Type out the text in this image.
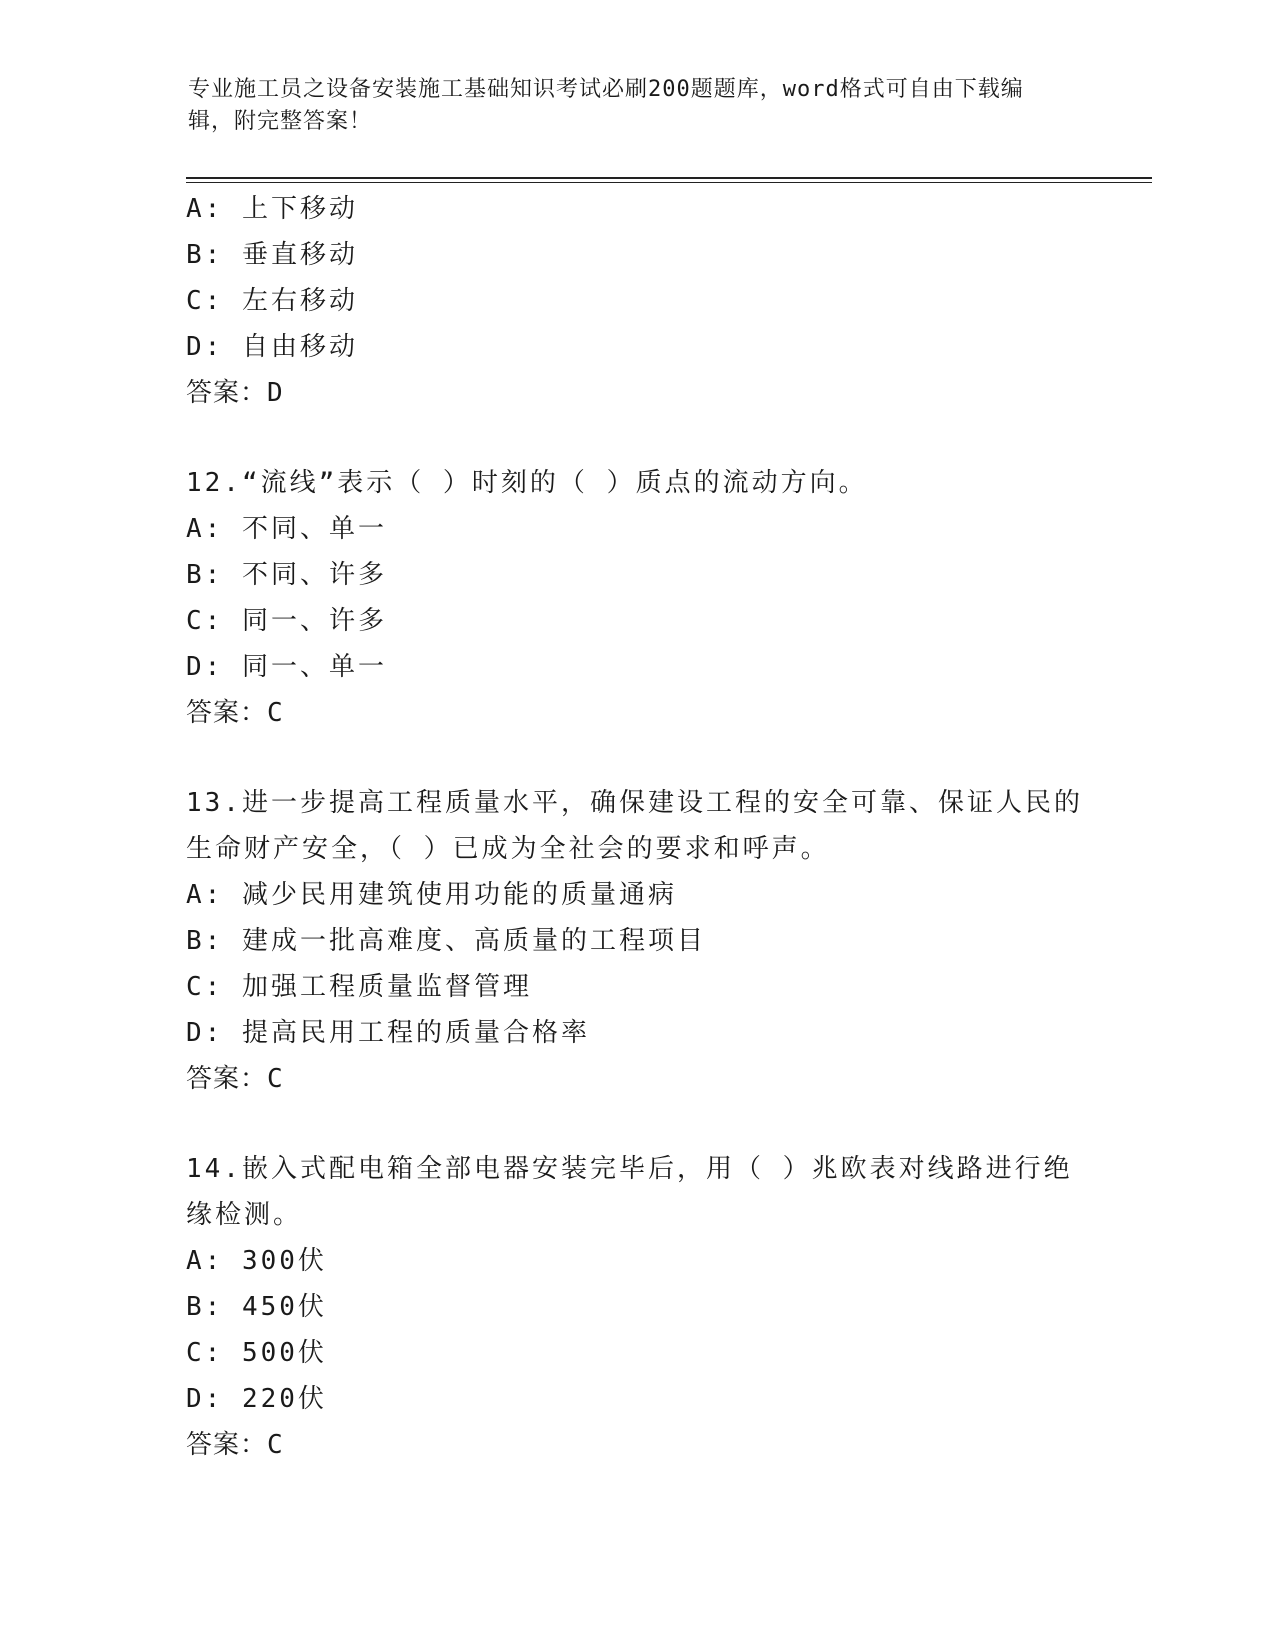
专业施工员之设备安装施工基础知识考试必刷200题题库，word格式可自由下载编辑，附完整答案！
A: 上下移动
B: 垂直移动
C: 左右移动
D: 自由移动
答案：D
12.“流线”表示（ ）时刻的（ ）质点的流动方向。
A: 不同、单一
B: 不同、许多
C: 同一、许多
D: 同一、单一
答案：C
13.进一步提高工程质量水平，确保建设工程的安全可靠、保证人民的生命财产安全，（ ）已成为全社会的要求和呼声。
A: 减少民用建筑使用功能的质量通病
B: 建成一批高难度、高质量的工程项目
C: 加强工程质量监督管理
D: 提高民用工程的质量合格率
答案：C
14.嵌入式配电箱全部电器安装完毕后，用（ ）兆欧表对线路进行绝缘检测。
A: 300伏
B: 450伏
C: 500伏
D: 220伏
答案：C
